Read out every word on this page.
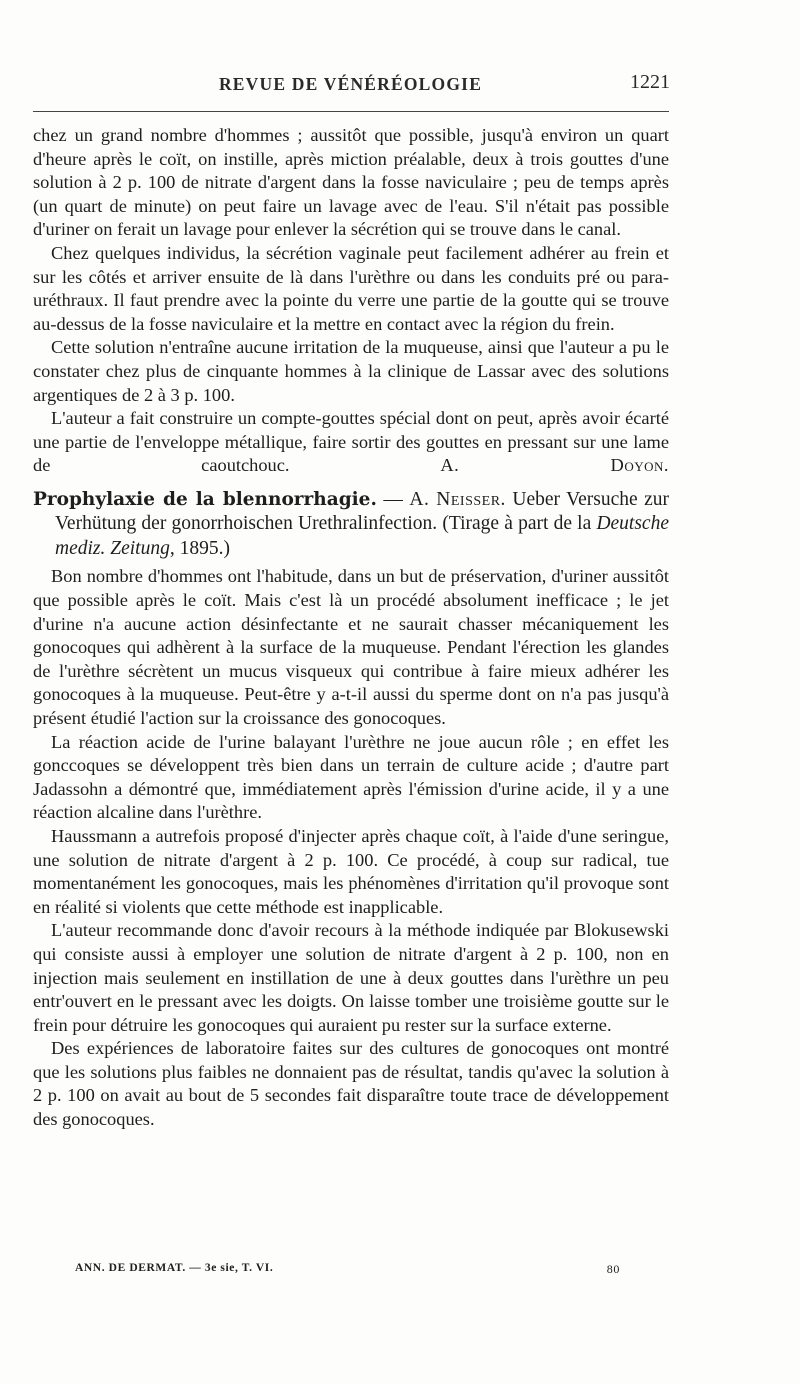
REVUE DE VÉNÉRÉOLOGIE	1221

chez un grand nombre d'hommes ; aussitôt que possible, jusqu'à environ un quart d'heure après le coït, on instille, après miction préalable, deux à trois gouttes d'une solution à 2 p. 100 de nitrate d'argent dans la fosse naviculaire ; peu de temps après (un quart de minute) on peut faire un lavage avec de l'eau. S'il n'était pas possible d'uriner on ferait un lavage pour enlever la sécrétion qui se trouve dans le canal.

Chez quelques individus, la sécrétion vaginale peut facilement adhérer au frein et sur les côtés et arriver ensuite de là dans l'urèthre ou dans les conduits pré ou para-uréthraux. Il faut prendre avec la pointe du verre une partie de la goutte qui se trouve au-dessus de la fosse naviculaire et la mettre en contact avec la région du frein.

Cette solution n'entraîne aucune irritation de la muqueuse, ainsi que l'auteur a pu le constater chez plus de cinquante hommes à la clinique de Lassar avec des solutions argentiques de 2 à 3 p. 100.

L'auteur a fait construire un compte-gouttes spécial dont on peut, après avoir écarté une partie de l'enveloppe métallique, faire sortir des gouttes en pressant sur une lame de caoutchouc.	A. Doyon.

Prophylaxie de la blennorrhagie. — A. Neisser. Ueber Versuche zur Verhütung der gonorrhoischen Urethralinfection. (Tirage à part de la Deutsche mediz. Zeitung, 1895.)

Bon nombre d'hommes ont l'habitude, dans un but de préservation, d'uriner aussitôt que possible après le coït. Mais c'est là un procédé absolument inefficace ; le jet d'urine n'a aucune action désinfectante et ne saurait chasser mécaniquement les gonocoques qui adhèrent à la surface de la muqueuse. Pendant l'érection les glandes de l'urèthre sécrètent un mucus visqueux qui contribue à faire mieux adhérer les gonocoques à la muqueuse. Peut-être y a-t-il aussi du sperme dont on n'a pas jusqu'à présent étudié l'action sur la croissance des gonocoques.

La réaction acide de l'urine balayant l'urèthre ne joue aucun rôle ; en effet les gonccoques se développent très bien dans un terrain de culture acide ; d'autre part Jadassohn a démontré que, immédiatement après l'émission d'urine acide, il y a une réaction alcaline dans l'urèthre.

Haussmann a autrefois proposé d'injecter après chaque coït, à l'aide d'une seringue, une solution de nitrate d'argent à 2 p. 100. Ce procédé, à coup sur radical, tue momentanément les gonocoques, mais les phénomènes d'irritation qu'il provoque sont en réalité si violents que cette méthode est inapplicable.

L'auteur recommande donc d'avoir recours à la méthode indiquée par Blokusewski qui consiste aussi à employer une solution de nitrate d'argent à 2 p. 100, non en injection mais seulement en instillation de une à deux gouttes dans l'urèthre un peu entr'ouvert en le pressant avec les doigts. On laisse tomber une troisième goutte sur le frein pour détruire les gonocoques qui auraient pu rester sur la surface externe.

Des expériences de laboratoire faites sur des cultures de gonocoques ont montré que les solutions plus faibles ne donnaient pas de résultat, tandis qu'avec la solution à 2 p. 100 on avait au bout de 5 secondes fait disparaître toute trace de développement des gonocoques.

ANN. DE DERMAT. — 3e sie, T. VI.	80
